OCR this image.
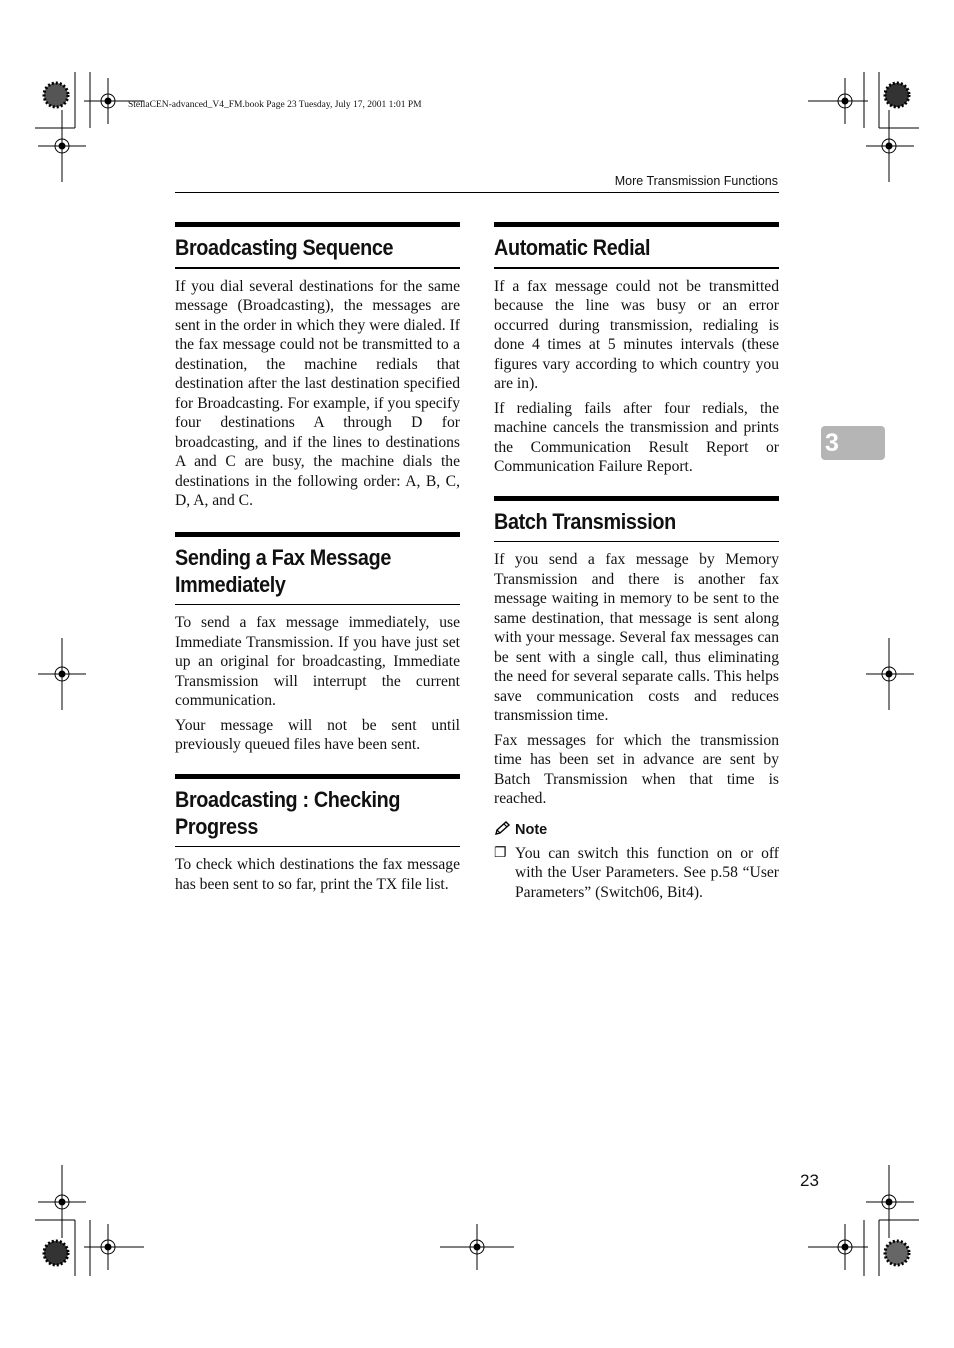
StellaCEN-advanced_V4_FM.book Page 23 Tuesday, July 17, 2001 1:01 PM
More Transmission Functions
Broadcasting Sequence

If you dial several destinations for the same message (Broadcasting), the messages are sent in the order in which they were dialed. If the fax message could not be transmitted to a destination, the machine redials that destination after the last destination specified for Broadcasting. For example, if you specify four destinations A through D for broadcasting, and if the lines to destinations A and C are busy, the machine dials the destinations in the following order: A, B, C, D, A, and C.

Sending a Fax Message
Immediately

To send a fax message immediately, use Immediate Transmission. If you have just set up an original for broadcasting, Immediate Transmission will interrupt the current communication.

Your message will not be sent until previously queued files have been sent.

Broadcasting : Checking
Progress

To check which destinations the fax message has been sent to so far, print the TX file list.

Automatic Redial

If a fax message could not be transmitted because the line was busy or an error occurred during transmission, redialing is done 4 times at 5 minutes intervals (these figures vary according to which country you are in).

If redialing fails after four redials, the machine cancels the transmission and prints the Communication Result Report or Communication Failure Report.

Batch Transmission

If you send a fax message by Memory Transmission and there is another fax message waiting in memory to be sent to the same destination, that message is sent along with your message. Several fax messages can be sent with a single call, thus eliminating the need for several separate calls. This helps save communication costs and reduces transmission time.

Fax messages for which the transmission time has been set in advance are sent by Batch Transmission when that time is reached.

Note
❐ You can switch this function on or off with the User Parameters. See p.58 “User Parameters” (Switch06, Bit4).

3
23
